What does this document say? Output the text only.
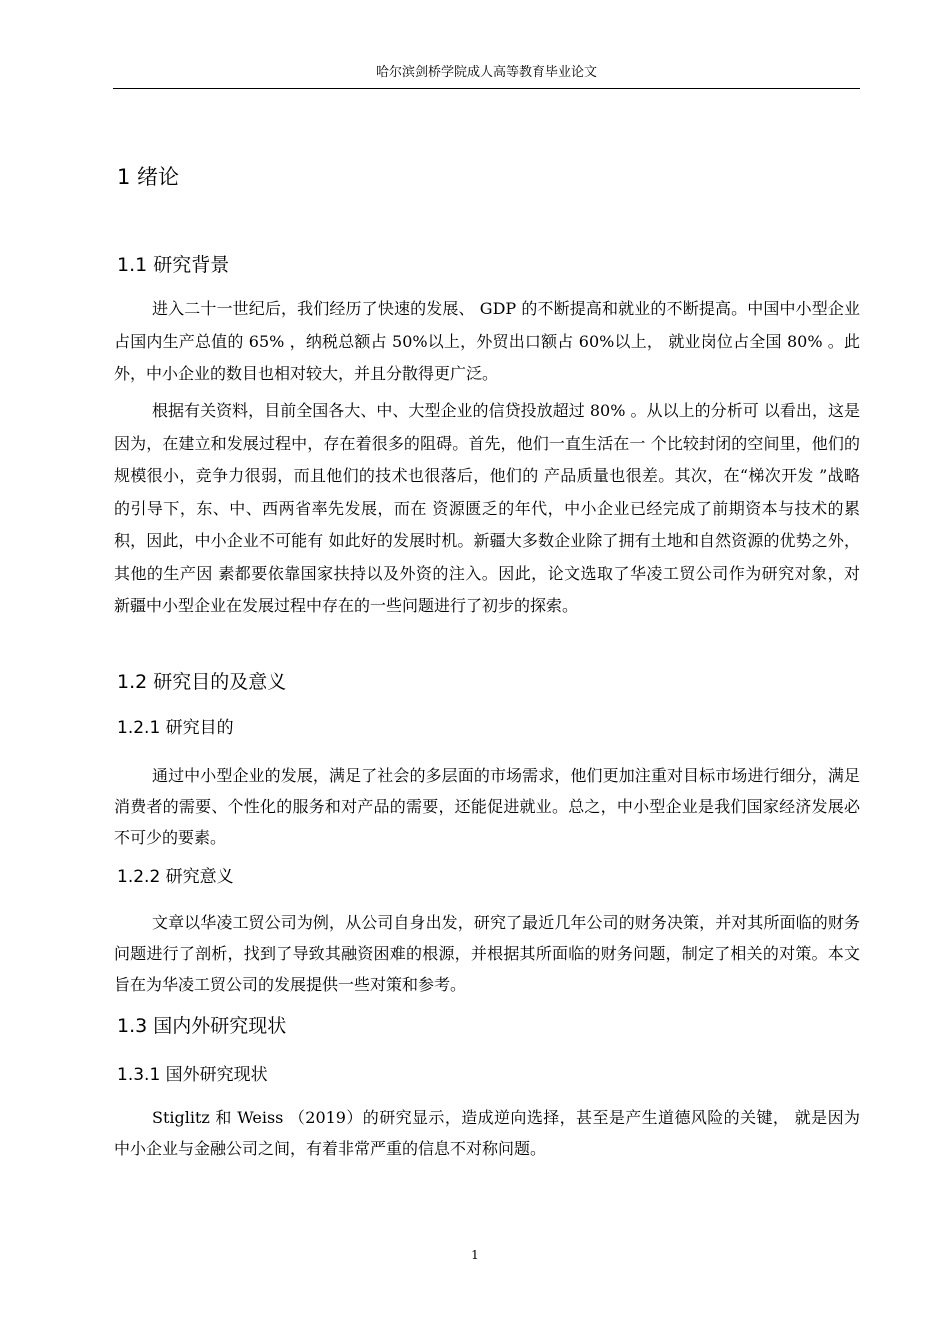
哈尔滨剑桥学院成人高等教育毕业论文
1 绪论
1.1 研究背景

进入二十一世纪后，我们经历了快速的发展、 GDP 的不断提高和就业的不断提高。中国中小型企业占国内生产总值的 65% ，纳税总额占 50%以上，外贸出口额占 60%以上， 就业岗位占全国 80% 。此外，中小企业的数目也相对较大，并且分散得更广泛。

根据有关资料，目前全国各大、中、大型企业的信贷投放超过 80% 。从以上的分析可 以看出，这是因为，在建立和发展过程中，存在着很多的阻碍。首先，他们一直生活在一 个比较封闭的空间里，他们的规模很小，竞争力很弱，而且他们的技术也很落后，他们的 产品质量也很差。其次，在“梯次开发 ”战略的引导下，东、中、西两省率先发展，而在 资源匮乏的年代，中小企业已经完成了前期资本与技术的累积，因此，中小企业不可能有 如此好的发展时机。新疆大多数企业除了拥有土地和自然资源的优势之外，其他的生产因 素都要依靠国家扶持以及外资的注入。因此，论文选取了华凌工贸公司作为研究对象，对 新疆中小型企业在发展过程中存在的一些问题进行了初步的探索。

1.2 研究目的及意义
1.2.1 研究目的

通过中小型企业的发展，满足了社会的多层面的市场需求，他们更加注重对目标市场进行细分，满足消费者的需要、个性化的服务和对产品的需要，还能促进就业。总之，中小型企业是我们国家经济发展必不可少的要素。

1.2.2 研究意义

文章以华凌工贸公司为例，从公司自身出发，研究了最近几年公司的财务决策，并对其所面临的财务问题进行了剖析，找到了导致其融资困难的根源，并根据其所面临的财务问题，制定了相关的对策。本文旨在为华凌工贸公司的发展提供一些对策和参考。

1.3 国内外研究现状
1.3.1 国外研究现状

Stiglitz 和 Weiss （2019）的研究显示，造成逆向选择，甚至是产生道德风险的关键， 就是因为中小企业与金融公司之间，有着非常严重的信息不对称问题。

1
